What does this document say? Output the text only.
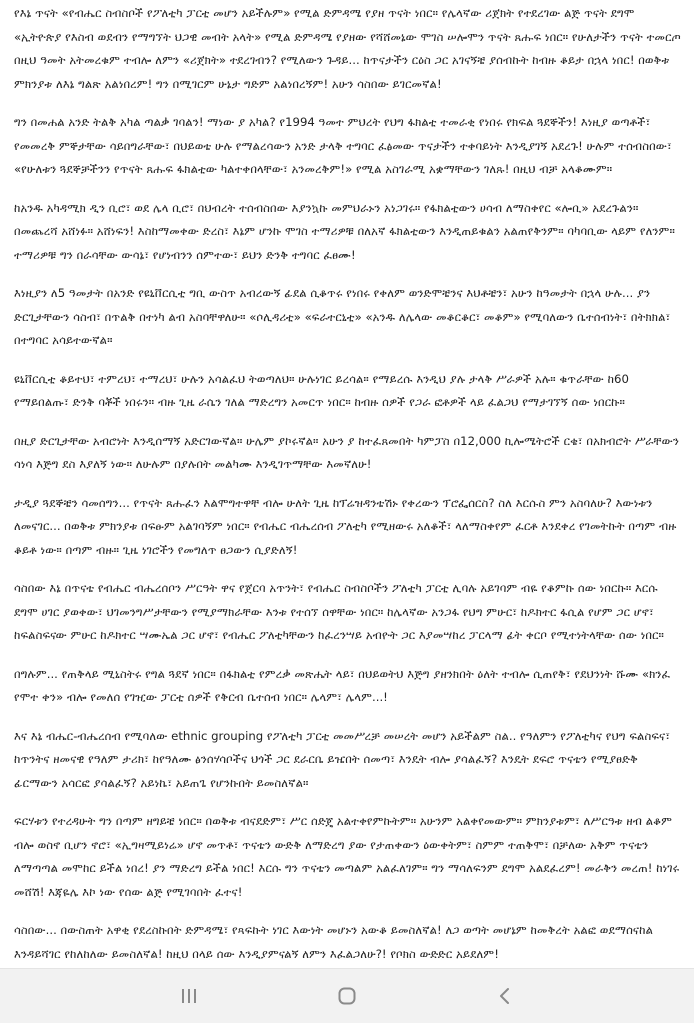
የእኔ ጥናት «የብሔር ስብስቦች የፖለቲካ ፓርቲ መሆን አይችሉም» የሚል ድምዳሜ የያዘ ጥናት ነበር። የሌላኛው ሪጀክት የተደረገው ልጅ ጥናት ደግሞ «ኢትዮጵያ የእስብ ወደብን የማግኘት ህጋዊ መብት አላት» የሚል ድምዳሜ የያዘው የሻሸመኔው ሞገስ ሠሎሞን ጥናት ጸሑፍ ነበር። የሁለታችን ጥናት ተመርጦ በዚህ ዓመት አትመረቁም ተብሎ ለምን «ሪጀክት» ተደረገብን? የሚለውን ጉዳይ... ከጥናታችን ርዕስ ጋር አገናኝቼ ያሰብኩት ከብዙ ቆይታ በኋላ ነበር! በወቅቱ ምክንያቱ ለእኔ ግልጽ አልነበረም! ግን በሚገርም ሁኔታ ግድም አልነበረኝም! አሁን ሳስበው ይገርመኛል!

ግን በመሐል አንድ ትልቅ አካል ጣልቃ ገባልን! ማነው ያ አካል? የ1994 ዓመተ ምህረት የህግ ፋክልቲ ተመራቂ የነበሩ የክፍል ጓደኞችን! እነዚያ ወጣቶች፣ የመመረቅ ምኞታቸው ሳይበግራቸው፣ በህይወቴ ሁሉ የማልረሳውን አንድ ታላቅ ተግባር ፈፅመው ጥናታችን ተቀባይነት እንዲያገኝ አደረጉ! ሁሉም ተሰብስበው፣ «የሁለቱን ጓደኞቻችንን የጥናት ጸሑፍ ፋክልቲው ካልተቀበላቸው፣ አንመረቅም!» የሚል አስገራሚ አቋማቸውን ገለጹ! በዚህ ብቻ አላቆሙም።

ከአንዱ አካዳሚክ ዲን ቢሮ፣ ወደ ሌላ ቢሮ፣ በህብረት ተሰብስበው እያንኳኩ መምህራኑን አነጋገሩ። የፋክልቲውን ሀሳብ ለማስቀየር «ሎቢ» አደረጉልን። በመጨረሻ አሸነፉ። አሸነፍን! እስከማመቀው ድረስ፣ እኔም ሆንኩ ሞገስ ተማሪዎቹ በለአኛ ፋክልቲውን እንዲጠይቁልን አልጠየቅንም። ባካባቢው ላይም የለንም። ተማሪዎቹ ግን በራሳቸው ውሳኔ፣ የሆነብንን ሰምተው፣ ይህን ድንቅ ተግባር ፈፀሙ!

እነዚያን ለ5 ዓመታት በአንድ የዩኒቨርሲቲ ግቢ ውስጥ አብረውኝ ፊደል ሲቆጥሩ የነበሩ የቀለም ወንድሞቼንና እህቶቼን፣ አሁን ከዓመታት በኋላ ሁሉ... ያን ድርጊታቸውን ሳስብ፣ በጥልቅ በተነካ ልብ አስባቸዋለሁ። «ሶሊዳሪቲ» «ፍራተርኒቲ» «አንዱ ለሌላው መቆርቆር፣ መቆም» የሚባለውን ቤተሰብነት፣ በትክክል፣ በተግባር አሳይተውኛል።

ዩኒቨርሲቲ ቆይተህ፣ ተምረህ፣ ተማረህ፣ ሁሉን አሳልፈህ ትወጣለህ። ሁሉነገር ይረሳል። የማይረሱ እንዲህ ያሉ ታላቅ ሥራዎች አሉ። ቁጥራቸው ከ60 የማይበልጡ፣ ድንቅ ባቾች ነበሩን። ብዙ ጊዜ ራሴን ገለል ማድረግን አመርጥ ነበር። ከብዙ ሰዎች የጋራ ፎቶዎች ላይ ፈልጋህ የማታገኘኝ ሰው ነበርኩ።

በዚያ ድርጊታቸው አብሮነት እንዲሰማኝ አድርገውኛል። ሁሌም ያኮሩኛል። አሁን ያ ከተፈጸመበት ካምፓስ በ12,000 ኪሎሜትሮች ርቄ፣ በአክብሮት ሥራቸውን ሳነሳ እጅግ ደስ እያለኝ ነው። ለሁሉም በያሉበት መልካሙ እንዲገጥማቸው እመኛለሁ!

ታዲያ ጓደኞቼን ሳመሰግን... የጥናት ጸሑፈን እልሞግተዋቸ ብሎ ሁለት ጊዜ ከፕሬዝዳንቴሽኑ የቀረውን ፕሮፌሰርስ? ስለ እርሱስ ምን አስባለሁ? እውነቱን ለመናገር... በወቅቱ ምክንያቱ በፍፁም አልገባኝም ነበር። የብሔር ብሔረሰብ ፖለቲካ የሚዘውሩ አለቆች፣ ላለማስቀየም ፈርቶ እንደቀረ የገመትኩት በጣም ብዙ ቆይቶ ነው። በጣም ብዙ። ጊዜ ነገሮችን የመግለጥ ፀጋውን ሲያድለኝ!

ሳስበው እኔ በጥናቴ የብሔር ብሔረሰቦን ሥርዓት ዋና የጀርባ አጥንት፣ የብሔር ስብስቦችን ፖለቲካ ፓርቲ ሊባሉ አይገባም ብዬ የቆምኩ ሰው ነበርኩ። እርሱ ደግሞ ሀገር ያወቀው፣ ህገመንግሥታቸውን የሚያማክራቸው እንቱ የተሰኘ ሰዋቸው ነበር። ከሌላኛው አንጋፋ የህግ ምሁር፣ ከዶክተር ፋሲል የሆም ጋር ሆኖ፣ ከፍልስፍናው ምሁር ከዶክተር ሣሙኤል ጋር ሆኖ፣ የብሔር ፖለቲካቸውን ከፈረንሣይ አብዮት ጋር እያመሣከረ ፓርላማ ፊት ቀርቦ የሚተነትላቸው ሰው ነበር።

በግሉም... የጠቅላይ ሚኒስትሩ የግል ጓደኛ ነበር። በፋክልቲ የምረቃ መጽሔት ላይ፣ በህይወትህ እጅግ ያዘንክበት ዕለት ተብሎ ሲጠየቅ፣ የደህንነት ሹሙ «ክንፈ የሞተ ቀን» ብሎ የመለሰ የገዢው ፓርቲ ሰዎች የቅርብ ቤተሰብ ነበር። ሌላም፣ ሌላም...!

እና እኔ ብሔር-ብሔረሰብ የሚባለው ethnic grouping የፖለቲካ ፓርቲ መመሥረቻ መሠረት መሆን አይችልም ስል.. የዓለምን የፖለቲካና የህግ ፍልስፍና፣ ከጥንትና ዘመናዊ የዓለም ታሪክ፣ ከየዓለሙ ፅንሰሃሳቦችና ህጎች ጋር ደራርቤ ይዤበት ሰመጣ፣ እንዴት ብሎ ያሳልፈኝ? እንዴት ደፍሮ ጥናቴን የሚያፀድቅ ፊርማውን አሳርፎ ያሳልፈኝ? አይነኬ፣ አይጠጌ የሆንኩበት ይመስለኛል።

ፍርሃቱን የተረዳሁት ግን በጣም ዘግይቼ ነበር። በወቅቱ ብናደድም፣ ሥር ሰድጄ አልተቀየምኩትም። አሁንም አልቀየመውም። ምክንያቱም፣ ለሥርዓቱ ዘብ ልቆም ብሎ ወስኖ ቢሆን ኖሮ፣ «ኢግዛሚይነሬ» ሆኖ መጥቶ፣ ጥናቴን ውድቅ ለማድረግ ያው የታጠቀውን ዕውቀትም፣ ስምም ተጠቅሞ፣ በቻለው አቅም ጥናቴን ለማጣጣል መሞከር ይችል ነበረ! ያን ማድረግ ይችል ነበር! እርሱ ግን ጥናቴን መጣልም አልፈለገም። ግን ማሳለፍንም ደግሞ አልደፈረም! መራቅን መረጠ! ከነገሩ መሸሽ! እጃዬሌ እኮ ነው የሰው ልጅ የሚገባበት ፈተና!

ሳስበው... በውስጠት አዋቂ የደረስኩበት ድምዳሜ፣ የጻፍኩት ነገር እውነት መሆኑን አውቆ ይመስለኛል! ለጋ ወጣት መሆኔም ከመቅረት አልፎ ወደማሰናከል እንዳይሻገር የከለከለው ይመስለኛል! ከዚህ በላይ ሰው እንዲያምናልኝ ለምን እፈልጋለሁ?! የቦክስ ውድድር አይደለም!
